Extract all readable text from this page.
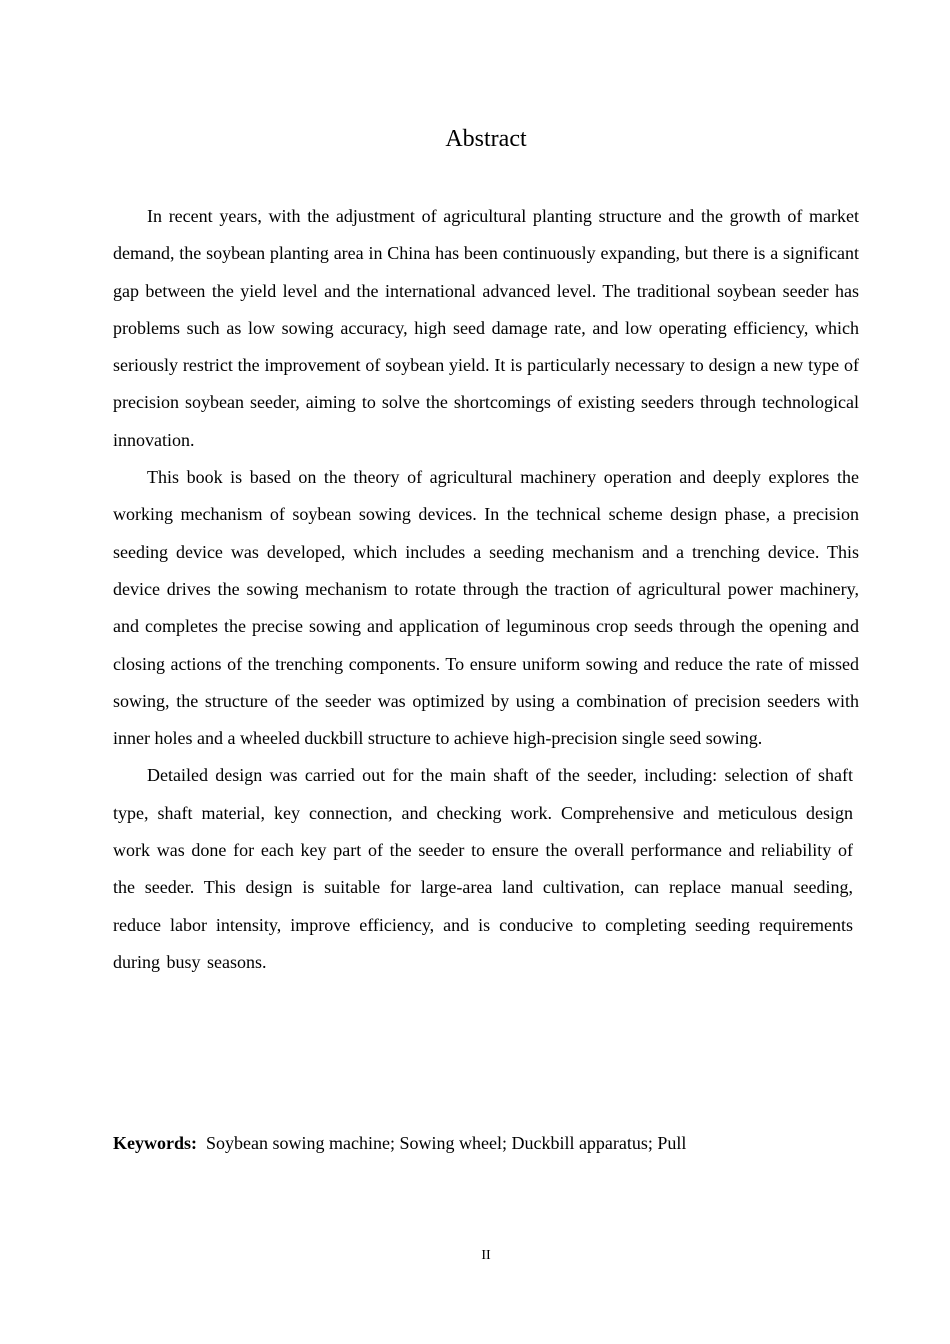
Abstract

In recent years, with the adjustment of agricultural planting structure and the growth of market demand, the soybean planting area in China has been continuously expanding, but there is a significant gap between the yield level and the international advanced level. The traditional soybean seeder has problems such as low sowing accuracy, high seed damage rate, and low operating efficiency, which seriously restrict the improvement of soybean yield. It is particularly necessary to design a new type of precision soybean seeder, aiming to solve the shortcomings of existing seeders through technological innovation.

This book is based on the theory of agricultural machinery operation and deeply explores the working mechanism of soybean sowing devices. In the technical scheme design phase, a precision seeding device was developed, which includes a seeding mechanism and a trenching device. This device drives the sowing mechanism to rotate through the traction of agricultural power machinery, and completes the precise sowing and application of leguminous crop seeds through the opening and closing actions of the trenching components. To ensure uniform sowing and reduce the rate of missed sowing, the structure of the seeder was optimized by using a combination of precision seeders with inner holes and a wheeled duckbill structure to achieve high-precision single seed sowing.

Detailed design was carried out for the main shaft of the seeder, including: selection of shaft type, shaft material, key connection, and checking work. Comprehensive and meticulous design work was done for each key part of the seeder to ensure the overall performance and reliability of the seeder. This design is suitable for large-area land cultivation, can replace manual seeding, reduce labor intensity, improve efficiency, and is conducive to completing seeding requirements during busy seasons.

Keywords: Soybean sowing machine; Sowing wheel; Duckbill apparatus; Pull

II
